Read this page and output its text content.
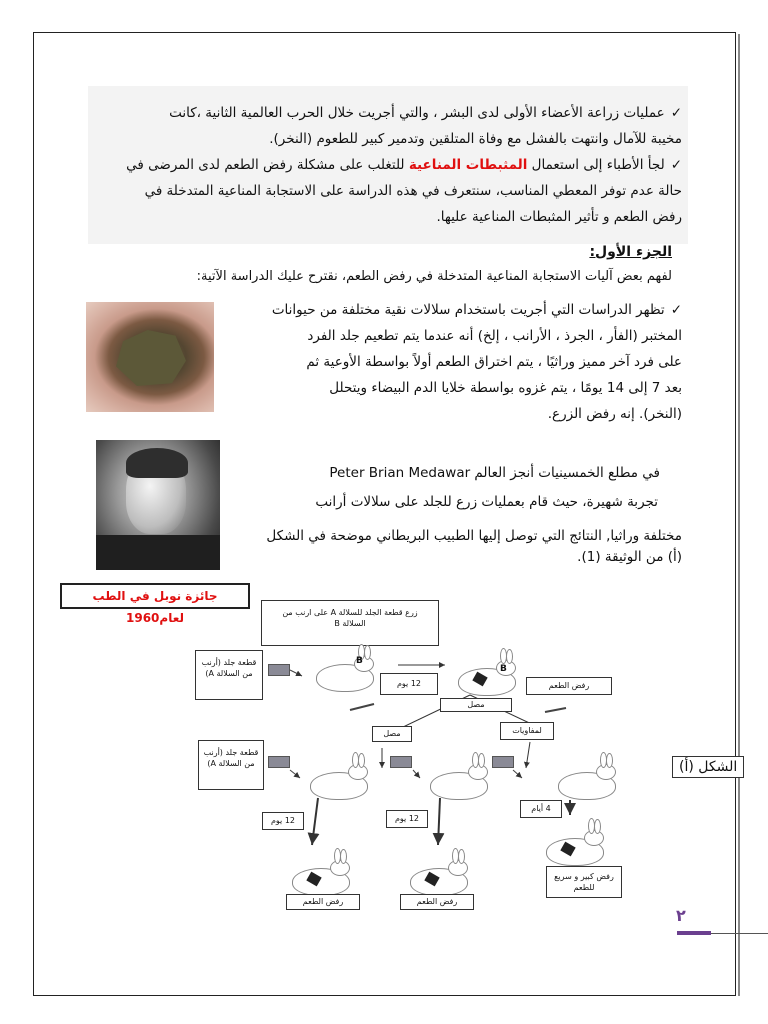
✓عمليات زراعة الأعضاء الأولى لدى البشر ، والتي أجريت خلال الحرب العالمية الثانية ،كانت
مخيبة للآمال وانتهت بالفشل مع وفاة المتلقين وتدمير كبير للطعوم (النخر).
✓لجأ الأطباء إلى استعمال المثبطات المناعية للتغلب على مشكلة رفض الطعم لدى المرضى في
حالة عدم توفر المعطي المناسب، سنتعرف في هذه الدراسة على الاستجابة المناعية المتدخلة في
رفض الطعم و تأثير المثبطات المناعية عليها.
الجزء الأول:
لفهم بعض آليات الاستجابة المناعية المتدخلة في رفض الطعم، نقترح عليك الدراسة الآتية:
✓تظهر الدراسات التي أجريت باستخدام سلالات نقية مختلفة من حيوانات
المختبر (الفأر ، الجرذ ، الأرانب ، إلخ) أنه عندما يتم تطعيم جلد الفرد
على فرد آخر مميز وراثيًا ، يتم اختراق الطعم أولاً بواسطة الأوعية ثم
بعد 7 إلى 14 يومًا ، يتم غزوه بواسطة خلايا الدم البيضاء ويتحلل
(النخر). إنه رفض الزرع.
في مطلع الخمسينيات أنجز العالم Peter Brian Medawar
تجربة شهيرة، حيث قام بعمليات زرع للجلد على سلالات أرانب
مختلفة وراثيا, النتائج التي توصل إليها الطبيب البريطاني موضحة في الشكل
(أ) من الوثيقة (1).
جائزة نوبل في الطب لعام1960	زرع قطعة الجلد للسلالة A على ارنب من السلالة B
قطعة جلد (أرنب من السلالة A)
B
12 يوم
B
رفض الطعم
مصل
مصل	لمفاويات
قطعة جلد (أرنب من السلالة A)
12 يوم	12 يوم
4 أيام
رفض كبير و سريع للطعم
رفض الطعم	رفض الطعم
الشكل (أ)
٢
